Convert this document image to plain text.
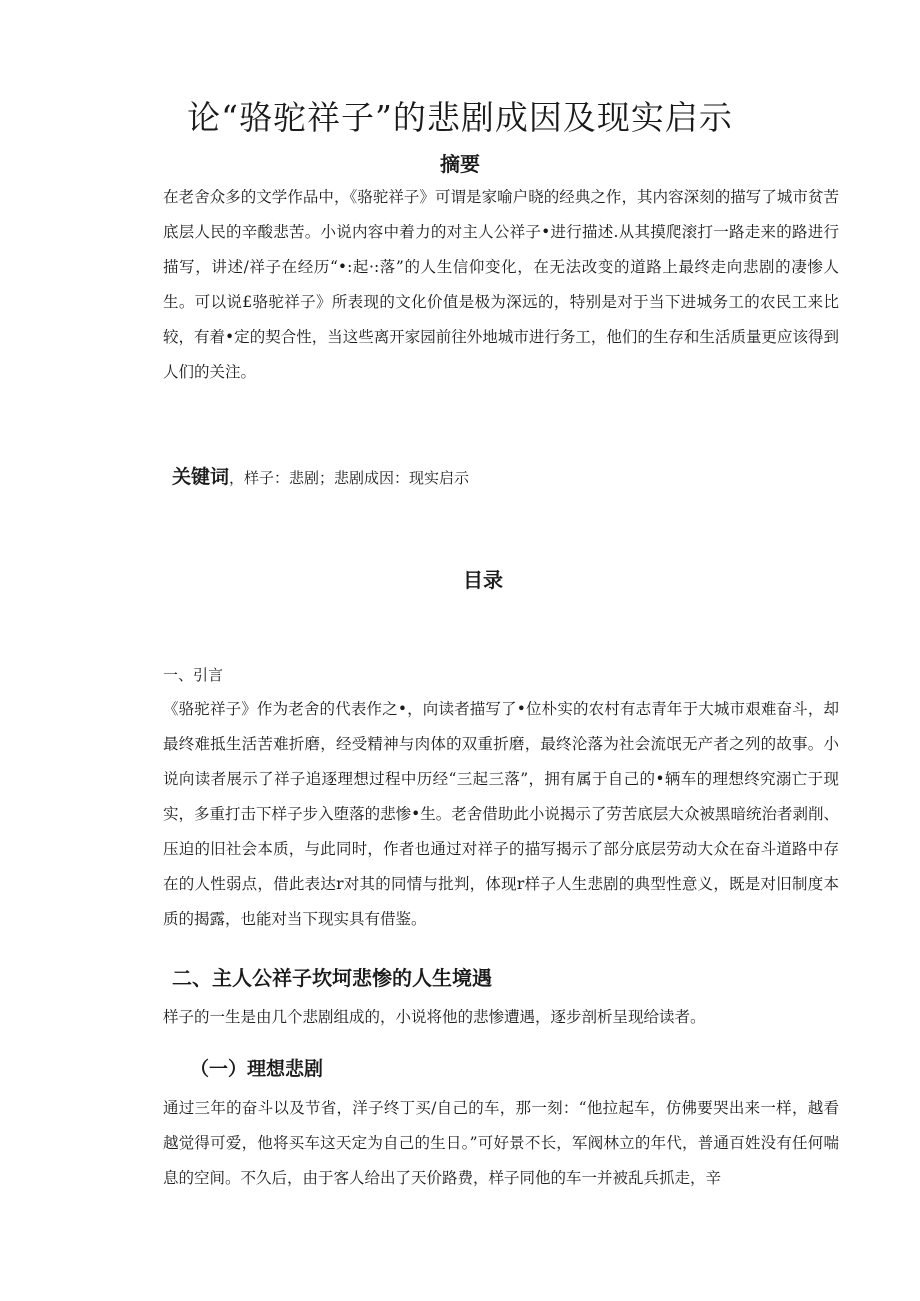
论“骆驼祥子”的悲剧成因及现实启示
摘要

在老舍众多的文学作品中，《骆驼祥子》可谓是家喻户晓的经典之作，其内容深刻的描写了城市贫苦底层人民的辛酸悲苦。小说内容中着力的对主人公祥子•进行描述.从其摸爬滚打一路走来的路进行描写，讲述/祥子在经历“•:起·:落”的人生信仰变化，在无法改变的道路上最终走向悲剧的凄惨人生。可以说£骆驼祥子》所表现的文化价值是极为深远的，特别是对于当下进城务工的农民工来比较，有着•定的契合性，当这些离开家园前往外地城市进行务工，他们的生存和生活质量更应该得到人们的关注。

关键词，样子：悲剧；悲剧成因：现实启示

目录

一、引言

《骆驼祥子》作为老舍的代表作之•，向读者描写了•位朴实的农村有志青年于大城市艰难奋斗，却最终难抵生活苦难折磨，经受精神与肉体的双重折磨，最终沦落为社会流氓无产者之列的故事。小说向读者展示了祥子追逐理想过程中历经“三起三落”，拥有属于自己的•辆车的理想终究溺亡于现实，多重打击下样子步入堕落的悲惨•生。老舍借助此小说揭示了劳苦底层大众被黑暗统治者剥削、压迫的旧社会本质，与此同时，作者也通过对祥子的描写揭示了部分底层劳动大众在奋斗道路中存在的人性弱点，借此表达r对其的同情与批判，体现r样子人生悲剧的典型性意义，既是对旧制度本质的揭露，也能对当下现实具有借鉴。

二、主人公祥子坎坷悲惨的人生境遇

样子的一生是由几个悲剧组成的，小说将他的悲惨遭遇，逐步剖析呈现给读者。

（一）理想悲剧

通过三年的奋斗以及节省，洋子终丁买/自己的车，那一刻：“他拉起车，仿佛要哭出来一样，越看越觉得可爱，他将买车这天定为自己的生日。”可好景不长，军阀林立的年代，普通百姓没有任何喘息的空间。不久后，由于客人给出了天价路费，样子同他的车一并被乱兵抓走，辛
